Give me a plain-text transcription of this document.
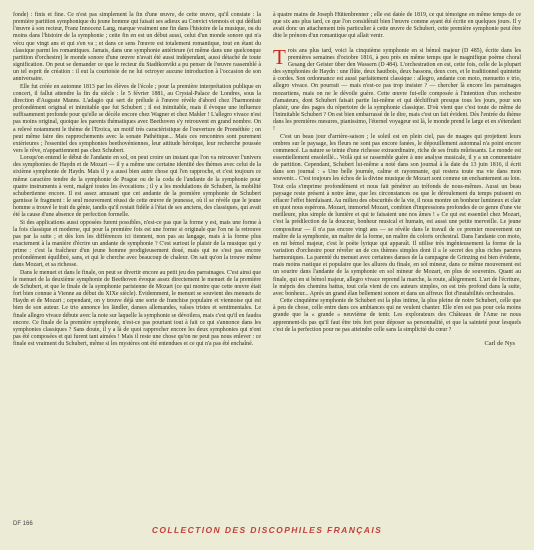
fonde) : finis et fine. Ce n'est pas simplement la fin d'une œuvre, de cette œuvre, qu'il constate : la première partition symphonique du jeune homme qui faisait ses adieux au Convict viennois et qui dédiait l'œuvre à son recteur, Franz Innocenz Lang, marque vraiment une fin dans l'histoire de la musique, ou du moins dans l'histoire de la symphonie ; cette fin en est un début aussi, celui d'un monde sonore qui n'a vécu que vingt ans et qui s'en va ; et dans ce sens l'œuvre est totalement romantique, tout en étant du classique parmi les romantiques. Jamais, dans une symphonie antérieure (et même dans une quelconque partition d'orchestre) le monde sonore d'une œuvre n'avait été aussi indépendant, aussi détaché de toute signification. On peut se demander ce que le recteur du Stadtkonvikt a pu penser de l'œuvre rassemblé à un tel esprit de création : il eut la courtoisie de ne lui octroyer aucune introduction à l'occasion de son anniversaire.

Elle fut créée en automne 1813 par les élèves de l'école ; pour la première interprétation publique en concert, il fallut attendre la fin du siècle : le 5 février 1881, au Crystal-Palace de Londres, sous la direction d'Auguste Manns. L'adagio qui sert de prélude à l'œuvre révèle d'abord chez l'harmoniste profondément original et inimitable que fut Schubert ; il est inimitable, mais il évoque une influence suffisamment profonde pour qu'elle se décèle encore chez Wagner et chez Mahler ! L'allegro vivace n'est pas moins original, quoique les parents thématiques avec Beethoven s'y retrouvent en grand nombre. On a relevé notamment le thème de l'Eroica, un motif très caractéristique de l'ouverture de Prométhée ; on peut même faire des rapprochements avec la sonate Pathétique... Mais ces rencontres sont purement extérieures ; l'essentiel des symphonies beethovéniennes, leur attitude héroïque, leur recherche poussée vers le rêve, n'appartiennent pas chez Schubert.

Lorsqu'on entend le début de l'andante en sol, on peut croire un instant que l'on va retrouver l'univers des symphonies de Haydn et de Mozart — il y a même une certaine identité des thèmes avec celui de la sixième symphonie de Haydn. Mais il y a aussi bien autre chose qui l'en rapproche, et c'est toujours ce même caractère tendre de la symphonie de Prague ou de la coda de l'andante de la symphonie pour quatre instruments à vent, malgré toutes les évocations ; il y a les modulations de Schubert, la mobilité schubertienne encore. Il est assez amusant que cet andante de la première symphonie de Schubert garnisse le fragment : le seul mouvement réussi de cette œuvre de jeunesse, où il se révèle que le jeune homme a trouvé le trait du génie, tandis qu'il restait fidèle à l'état de ses anciens, des classiques, qui avait été la cause d'une absence de perfection formelle.

Si des applications aussi opposées furent possibles, n'est-ce pas que la forme y est, mais une forme à la fois classique et moderne, qui pour la première fois est une forme si originale que l'on ne la retrouve pas par la suite ; et dès lors les différences ici tiennent, non pas au langage, mais à la forme plus exactement à la manière d'écrire un andante de symphonie ? C'est surtout le plaisir de la musique qui y prime : c'est la fraîcheur d'un jeune homme prodigieusement doué, mais qui ne s'est pas encore profondément équilibré, sans, et qui le cherche avec beaucoup de chaleur. On sait qu'on la trouve même dans Mozart, et sa richesse.

Dans le menuet et dans le finale, on peut se divertir encore au petit jeu des parrainages. C'est ainsi que le menuet de la deuxième symphonie de Beethoven évoque assez directement le menuet de la première de Schubert, et que le finale de la symphonie parisienne de Mozart (ce qui montre que cette œuvre était fort bien connue à Vienne au début du XIXe siècle). Évidemment, le menuet se souvient des menuets de Haydn et de Mozart ; cependant, on y trouve déjà une sorte de franchise populaire et viennoise qui est bien de son auteur. Le trio annonce les ländler, danses allemandes, valses tristes et sentimentales. Le finale allegro vivace débute avec la note sur laquelle la symphonie se dévoilera, mais c'est qu'il en faudra encore. Ce finale de la première symphonie, n'est-ce pas pourtant tout à fait ce qui s'annonce dans les symphonies classiques ? Sans doute, il y a là de quoi rapprocher encore les deux symphonies qui n'ont pas été composées et qui furent tant aimées ! Mais il reste une chose qu'on ne peut pas nous enlever : ce finale est vraiment du Schubert, même si les mystères ont été entendues et ce qui n'a pas été enchaîné.

à quatre mains de Joseph Hüttenbrenner ; elle est datée de 1819, ce qui témoigne en même temps de ce que six ans plus tard, ce que l'on considérait bien l'œuvre comme ayant été écrite en quelques jours. Il y avait donc un attachement très particulier à cette œuvre de Schubert, cette première symphonie peut être dite le prénom d'un romantique qui allait venir.

Trois ans plus tard, voici la cinquième symphonie en si bémol majeur (D 485), écrite dans les premières semaines d'octobre 1816, à peu près en même temps que le magnifique poème choral Gesang der Geister über den Wassern (D 484). L'orchestration en est, cette fois, celle de la plupart des symphonies de Haydn : une flûte, deux hautbois, deux bassons, deux cors, et le traditionnel quintette à cordes. Son ordonnance est aussi parfaitement classique : allegro, andante con moto, menuetto e trio, allegro vivace. On pourrait — mais n'est-ce pas trop insister ? — chercher là encore les parrainages mozartiens, mais on ne le dévoile guère. Cette œuvre fut-elle composée à l'intention d'un orchestre d'amateurs, dont Schubert faisait partie lui-même et qui déchiffrait presque tous les jours, pour son plaisir, une des pages du répertoire de la symphonie classique. D'où vient que c'est toute de même de l'inimitable Schubert ? On est bien embarrassé de le dire, mais c'est un fait évident. Dès l'entrée du thème dans les premières mesures, pianissimo, l'éternel voyageur est là, le monde prend le large et en s'étendant !

C'est un beau jour d'arrière-saison ; le soleil est en plein ciel, pas de nuages qui projettent leurs ombres sur le paysage, les fleurs ne sont pas encore fanées, le dépouillement automnal n'a point encore commencé. La nature se teinte d'une richesse extraordinaire, riche de ses fruits mûrissants. Le monde est essentiellement ensoleillé... Voilà qui se rassemble guère à une analyse musicale, il y a un commentaire de partition. Cependant, Schubert lui-même a noté dans son journal à la date du 13 juin 1816, il écrit dans son journal : « Une belle journée, calme et rayonnante, qui restera toute ma vie dans mon souvenir... C'est toujours les échos de la divine musique de Mozart sont comme un enchantement au loin. Tout cela s'imprime profondément et nous fait pénétrer au tréfonds de nous-mêmes. Aussi un beau paysage reste présent à notre âme, que les circonstances ou que le déroulement du temps puissent en effacer l'effet bienfaisant. Au milieu des obscurités de la vie, il nous montre un bonheur lumineux et clair en quoi nous espérons. Mozart, immortel Mozart, combien d'impressions profondes de ce genre d'une vie meilleure, plus simple de lumière et qui te faisaient une nos âmes ! » Ce qui est essentiel chez Mozart, c'est la prédilection de la douceur, bonheur musical et humain, est aussi une petite merveille. Le jeune compositeur — il n'a pas encore vingt ans — se révèle dans le travail de ce premier mouvement un maître de la symphonie, un maître de la forme, un maître du coloris orchestral. Dans l'andante con moto, en mi bémol majeur, c'est le poète lyrique qui apparaît. Il utilise très ingénieusement la forme de la variation d'orchestre pour révéler un de ces thèmes simples dont il a le secret des plus riches parures harmoniques. La parenté du menuet avec certaines danses de la campagne de Grinzing est bien évidente, mais moins rustique et populaire que les allures du finale, en sol mineur, dans ce même mouvement est un sourire dans l'andante de la symphonie en sol mineur de Mozart, en plus de souvenirs. Quant au finale, qui en si bémol majeur, allegro vivace reprend la marche, la route, allègrement. L'art de l'écriture, le mépris des chemins battus, tout cela vient de ces auteurs simples, on est très profond dans la suite, avec bonheur... Après un grand élan bellement sonore et dans un affreux flot d'instabilités orchestrales.

Cette cinquième symphonie de Schubert est la plus intime, la plus pleine de notre Schubert, celle que à peu de chose, celle entre dans ces ambiances qui ne veulent chanter. Elle n'en est pas pour cela moins grande que la « grande » neuvième de tenir. Les explorateurs des Châteaux de l'Ame ne nous apprennent-ils pas qu'il faut être très fort pour déposer sa personnalité, et que la sainteté pour lesquels c'est de la perfection pour ne pas atteindre celle sans la simplicité du cœur ?

Carl de Nys
DF 166
COLLECTION DES DISCOPHILES FRANÇAIS
